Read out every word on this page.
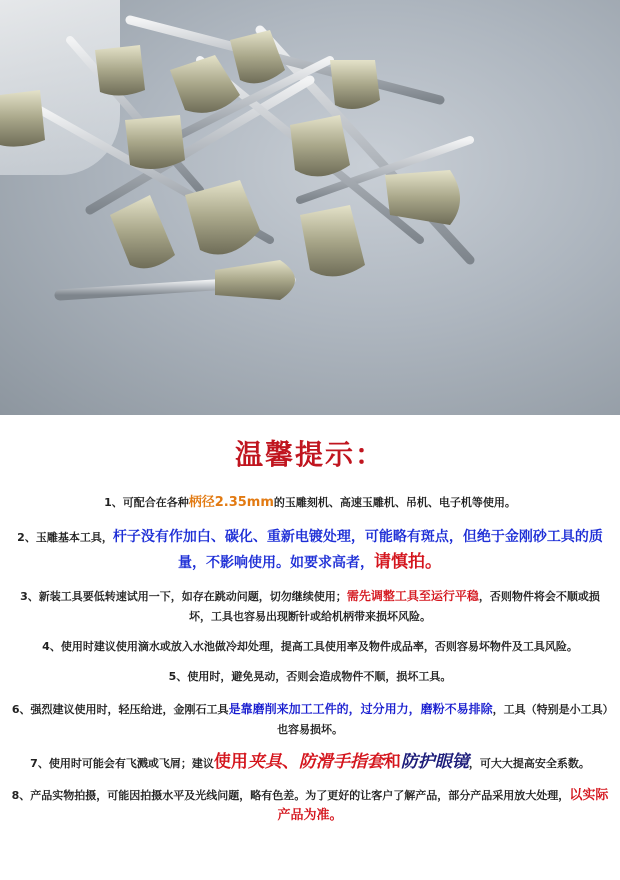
温馨提示：
1、可配合在各种柄径2.35mm的玉雕刻机、高速玉雕机、吊机、电子机等使用。
2、玉雕基本工具，杆子没有作加白、碳化、重新电镀处理，可能略有斑点，但绝于金刚砂工具的质量，不影响使用。如要求高者，请慎拍。
3、新装工具要低转速试用一下，如存在跳动问题，切勿继续使用；需先调整工具至运行平稳，否则物件将会不顺或损坏，工具也容易出现断针或给机柄带来损坏风险。
4、使用时建议使用滴水或放入水池做冷却处理，提高工具使用率及物件成品率，否则容易坏物件及工具风险。
5、使用时，避免晃动，否则会造成物件不顺，损坏工具。
6、强烈建议使用时，轻压给进，金刚石工具是靠磨削来加工工件的，过分用力，磨粉不易排除，工具（特别是小工具）也容易损坏。
7、使用时可能会有飞溅或飞屑；建议使用夹具、防滑手指套和防护眼镜，可大大提高安全系数。
8、产品实物拍摄，可能因拍摄水平及光线问题，略有色差。为了更好的让客户了解产品，部分产品采用放大处理，以实际产品为准。
